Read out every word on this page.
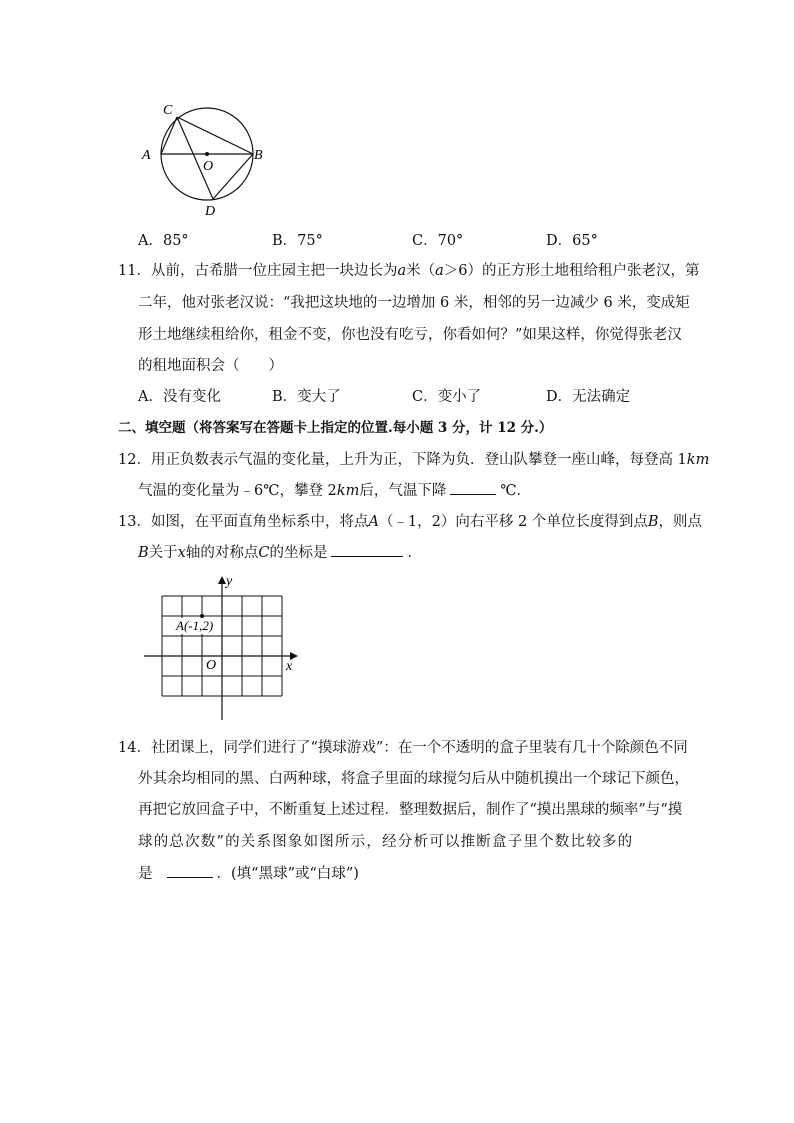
C
A	B
O
D
A．85°	B．75°	C．70°	D．65°
11．从前，古希腊一位庄园主把一块边长为a米（a＞6）的正方形土地租给租户张老汉，第
二年，他对张老汉说：“我把这块地的一边增加 6 米，相邻的另一边减少 6 米，变成矩
形土地继续租给你，租金不变，你也没有吃亏，你看如何？”如果这样，你觉得张老汉
的租地面积会（　　）
A．没有变化	B．变大了	C．变小了	D．无法确定
二、填空题（将答案写在答题卡上指定的位置.每小题 3 分，计 12 分.）
12．用正负数表示气温的变化量，上升为正，下降为负．登山队攀登一座山峰，每登高 1km
气温的变化量为﹣6℃，攀登 2km后，气温下降	℃．
13．如图，在平面直角坐标系中，将点A（﹣1，2）向右平移 2 个单位长度得到点B，则点
B关于x轴的对称点C的坐标是	．
A(-1,2)
y
x
O
14．社团课上，同学们进行了“摸球游戏”：在一个不透明的盒子里装有几十个除颜色不同
外其余均相同的黑、白两种球，将盒子里面的球搅匀后从中随机摸出一个球记下颜色，
再把它放回盒子中，不断重复上述过程．整理数据后，制作了“摸出黑球的频率”与“摸
球的总次数”的关系图象如图所示，经分析可以推断盒子里个数比较多的
是	．(填“黑球”或“白球”)
